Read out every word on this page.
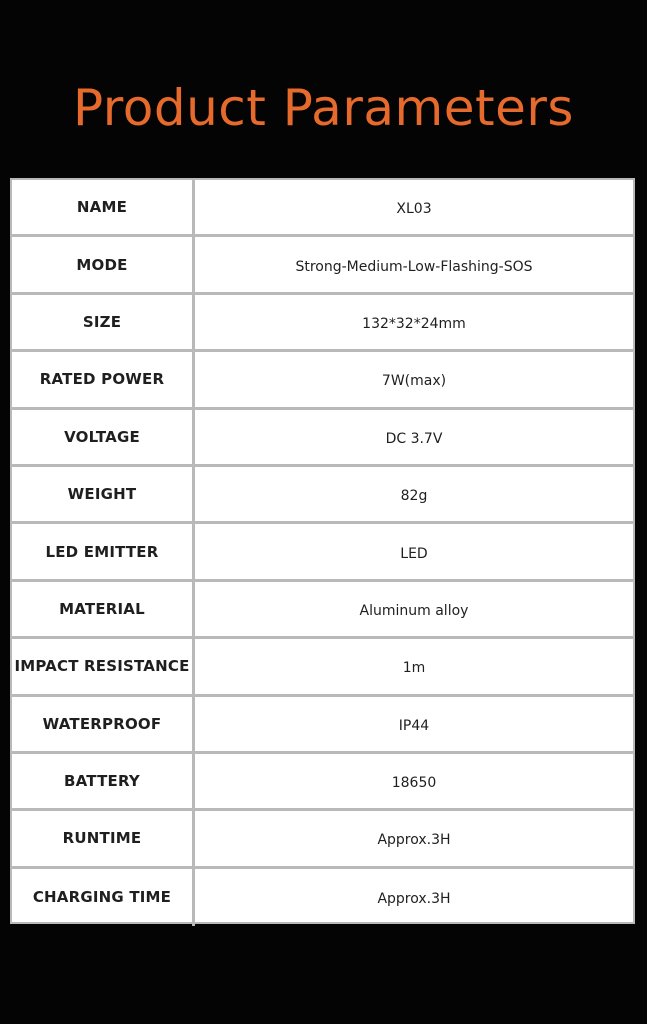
Product Parameters
NAME	XL03
MODE	Strong-Medium-Low-Flashing-SOS
SIZE	132*32*24mm
RATED POWER	7W(max)
VOLTAGE	DC 3.7V
WEIGHT	82g
LED EMITTER	LED
MATERIAL	Aluminum alloy
IMPACT RESISTANCE	1m
WATERPROOF	IP44
BATTERY	18650
RUNTIME	Approx.3H
CHARGING TIME	Approx.3H
